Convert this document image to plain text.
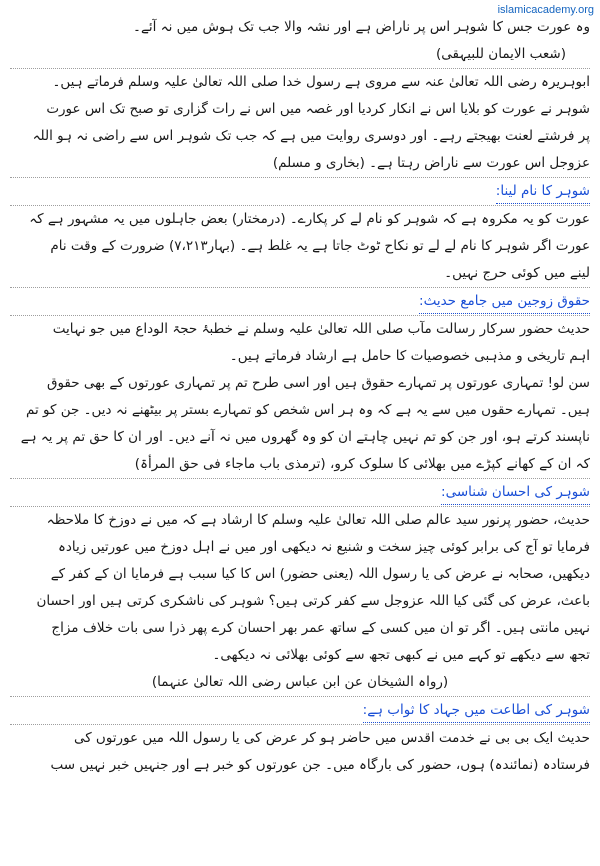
islamicacademy.org
وہ عورت جس کا شوہر اس پر ناراض ہے اور نشہ والا جب تک ہوش میں نہ آئے۔
(شعب الایمان للبیہقی)
ابوہریرہ رضی اللہ تعالیٰ عنہ سے مروی ہے رسول خدا صلی اللہ تعالیٰ علیہ وسلم فرماتے ہیں۔
شوہر نے عورت کو بلایا اس نے انکار کردیا اور غصہ میں اس نے رات گزاری تو صبح تک اس عورت
پر فرشتے لعنت بھیجتے رہے۔ اور دوسری روایت میں ہے کہ جب تک شوہر اس سے راضی نہ ہو اللہ
عزوجل اس عورت سے ناراض رہتا ہے۔ (بخاری و مسلم)
شوہر کا نام لینا:
عورت کو یہ مکروہ ہے کہ شوہر کو نام لے کر پکارے۔ (درمختار) بعض جاہلوں میں یہ مشہور ہے کہ
عورت اگر شوہر کا نام لے لے تو نکاح ٹوٹ جاتا ہے یہ غلط ہے۔ (بہار۷،۲۱۳) ضرورت کے وقت نام
لینے میں کوئی حرج نہیں۔
حقوق زوجین میں جامع حدیث:
حدیث حضور سرکار رسالت مآب صلی اللہ تعالیٰ علیہ وسلم نے خطبۂ حجۃ الوداع میں جو نہایت
اہم تاریخی و مذہبی خصوصیات کا حامل ہے ارشاد فرماتے ہیں۔
سن لو! تمہاری عورتوں پر تمہارے حقوق ہیں اور اسی طرح تم پر تمہاری عورتوں کے بھی حقوق
ہیں۔ تمہارے حقوں میں سے یہ ہے کہ وہ ہر اس شخص کو تمہارے بستر پر بیٹھنے نہ دیں۔ جن کو تم
ناپسند کرتے ہو، اور جن کو تم نہیں چاہتے ان کو وہ گھروں میں نہ آنے دیں۔ اور ان کا حق تم پر یہ ہے
کہ ان کے کھانے کپڑے میں بھلائی کا سلوک کرو، (ترمذی باب ماجاء فی حق المرأۃ)
شوہر کی احسان شناسی:
حدیث، حضور پرنور سید عالم صلی اللہ تعالیٰ علیہ وسلم کا ارشاد ہے کہ میں نے دوزخ کا ملاحظہ
فرمایا تو آج کی برابر کوئی چیز سخت و شنیع نہ دیکھی اور میں نے اہل دوزخ میں عورتیں زیادہ
دیکھیں، صحابہ نے عرض کی یا رسول اللہ (یعنی حضور) اس کا کیا سبب ہے فرمایا ان کے کفر کے
باعث، عرض کی گئی کیا اللہ عزوجل سے کفر کرتی ہیں؟ شوہر کی ناشکری کرتی ہیں اور احسان
نہیں مانتی ہیں۔ اگر تو ان میں کسی کے ساتھ عمر بھر احسان کرے پھر ذرا سی بات خلاف مزاج
تجھ سے دیکھے تو کہے میں نے کبھی تجھ سے کوئی بھلائی نہ دیکھی۔
(رواہ الشیخان عن ابن عباس رضی اللہ تعالیٰ عنہما)
شوہر کی اطاعت میں جہاد کا ثواب ہے:
حدیث ایک بی بی نے خدمت اقدس میں حاضر ہو کر عرض کی یا رسول اللہ میں عورتوں کی
فرستادہ (نمائندہ) ہوں، حضور کی بارگاہ میں۔ جن عورتوں کو خبر ہے اور جنہیں خبر نہیں سب
